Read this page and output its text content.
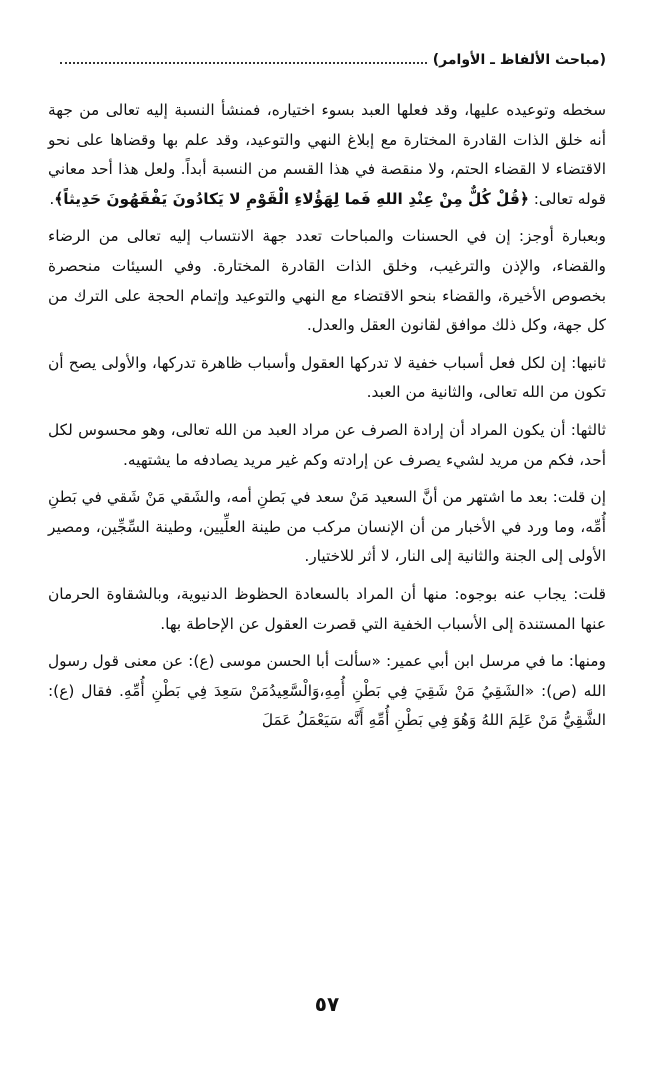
(مباحث الألفاظ ـ الأوامر)

سخطه وتوعيده عليها، وقد فعلها العبد بسوء اختياره، فمنشأ النسبة إليه تعالى من جهة أنه خلق الذات القادرة المختارة مع إبلاغ النهي والتوعيد، وقد علم بها وقضاها على نحو الاقتضاء لا القضاء الحتم، ولا منقصة في هذا القسم من النسبة أبداً. ولعل هذا أحد معاني قوله تعالى: ﴿قُلْ كُلٌّ مِنْ عِنْدِ اللهِ فَما لِهَؤُلاءِ الْقَوْمِ لا يَكادُونَ يَفْقَهُونَ حَدِيثاً﴾.

وبعبارة أوجز: إن في الحسنات والمباحات تعدد جهة الانتساب إليه تعالى من الرضاء والقضاء، والإذن والترغيب، وخلق الذات القادرة المختارة. وفي السيئات منحصرة بخصوص الأخيرة، والقضاء بنحو الاقتضاء مع النهي والتوعيد وإتمام الحجة على الترك من كل جهة، وكل ذلك موافق لقانون العقل والعدل.

ثانيها: إن لكل فعل أسباب خفية لا تدركها العقول وأسباب ظاهرة تدركها، والأولى يصح أن تكون من الله تعالى، والثانية من العبد.

ثالثها: أن يكون المراد أن إرادة الصرف عن مراد العبد من الله تعالى، وهو محسوس لكل أحد، فكم من مريد لشيء يصرف عن إرادته وكم غير مريد يصادفه ما يشتهيه.

إن قلت: بعد ما اشتهر من أنَّ السعيد مَنْ سعد في بَطنِ أمه، والشَقي مَنْ شَقي في بَطنِ أُمِّه، وما ورد في الأخبار من أن الإنسان مركب من طينة العلِّيين، وطينة السِّجِّين، ومصير الأولى إلى الجنة والثانية إلى النار، لا أثر للاختيار.

قلت: يجاب عنه بوجوه: منها أن المراد بالسعادة الحظوظ الدنيوية، وبالشقاوة الحرمان عنها المستندة إلى الأسباب الخفية التي قصرت العقول عن الإحاطة بها.

ومنها: ما في مرسل ابن أبي عمير: «سألت أبا الحسن موسى (ع): عن معنى قول رسول الله (ص): «الشَقِيُ مَنْ شَقِيَ فِي بَطْنِ أُمِهِ،وَالْسَّعِيدُمَنْ سَعِدَ فِي بَطْنِ أُمِّهِ. فقال (ع): الشَّقِيُّ مَنْ عَلِمَ اللهُ وَهُوَ فِي بَطْنِ أُمِّهِ أَنَّه سَيَعْمَلُ عَمَلَ

٥٧
